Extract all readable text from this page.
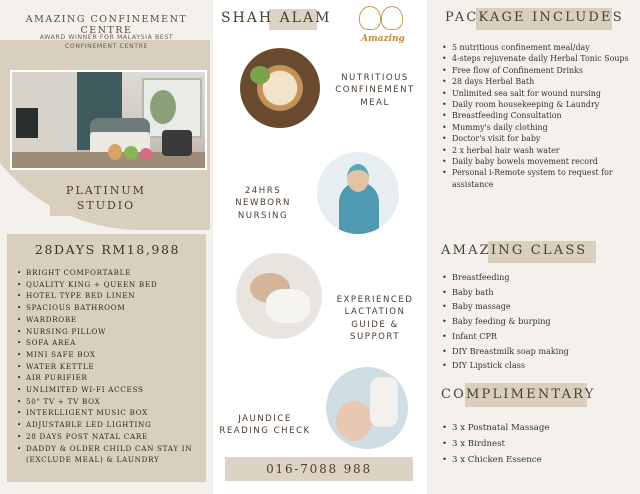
AMAZING CONFINEMENT CENTRE
AWARD WINNER FOR MALAYSIA BEST CONFINEMENT CENTRE
PLATINUM
STUDIO
28DAYS RM18,988
• BRIGHT COMFORTABLE
• QUALITY KING + QUEEN BED
• HOTEL TYPE BED LINEN
• SPACIOUS BATHROOM
• WARDROBE
• NURSING PILLOW
• SOFA AREA
• MINI SAFE BOX
• WATER KETTLE
• AIR PURIFIER
• UNLIMITED WI-FI ACCESS
• 50" TV + TV BOX
• INTERLLIGENT MUSIC BOX
• ADJUSTABLE LED LIGHTING
• 28 DAYS POST NATAL CARE
• DADDY & OLDER CHILD CAN STAY IN (EXCLUDE MEAL) & LAUNDRY
SHAH ALAM
Amazing
NUTRITIOUS CONFINEMENT MEAL
24HRS NEWBORN NURSING
EXPERIENCED LACTATION GUIDE & SUPPORT
JAUNDICE READING CHECK
016-7088 988
PACKAGE INCLUDES
• 5 nutritious confinement meal/day
• 4-steps rejuvenate daily Herbal Tonic Soups
• Free flow of Confinement Drinks
• 28 days Herbal Bath
• Unlimited sea salt for wound nursing
• Daily room housekeeping & Laundry
• Breastfeeding Consultation
• Mummy's daily clothing
• Doctor's visit for baby
• 2 x herbal hair wash water
• Daily baby bowels movement record
• Personal i-Remote system to request for assistance
AMAZING CLASS
• Breastfeeding
• Baby bath
• Baby massage
• Baby feeding & burping
• Infant CPR
• DIY Breastmilk soap making
• DIY Lipstick class
COMPLIMENTARY
• 3 x Postnatal Massage
• 3 x Birdnest
• 3 x Chicken Essence
